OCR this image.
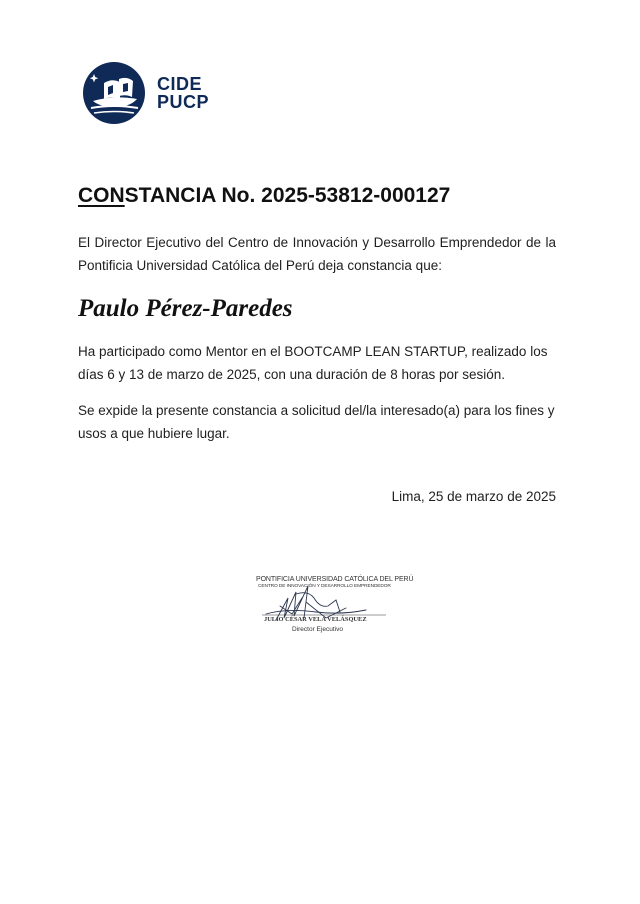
CIDE
PUCP
CONSTANCIA No. 2025-53812-000127
El Director Ejecutivo del Centro de Innovación y Desarrollo Emprendedor de la Pontificia Universidad Católica del Perú deja constancia que:
Paulo Pérez-Paredes
Ha participado como Mentor en el BOOTCAMP LEAN STARTUP, realizado los días 6 y 13 de marzo de 2025, con una duración de 8 horas por sesión.
Se expide la presente constancia a solicitud del/la interesado(a) para los fines y usos a que hubiere lugar.
Lima, 25 de marzo de 2025
PONTIFICIA UNIVERSIDAD CATÓLICA DEL PERÚ
CENTRO DE INNOVACIÓN Y DESARROLLO EMPRENDEDOR
JULIO CÉSAR VELA VELÁSQUEZ
Director Ejecutivo
